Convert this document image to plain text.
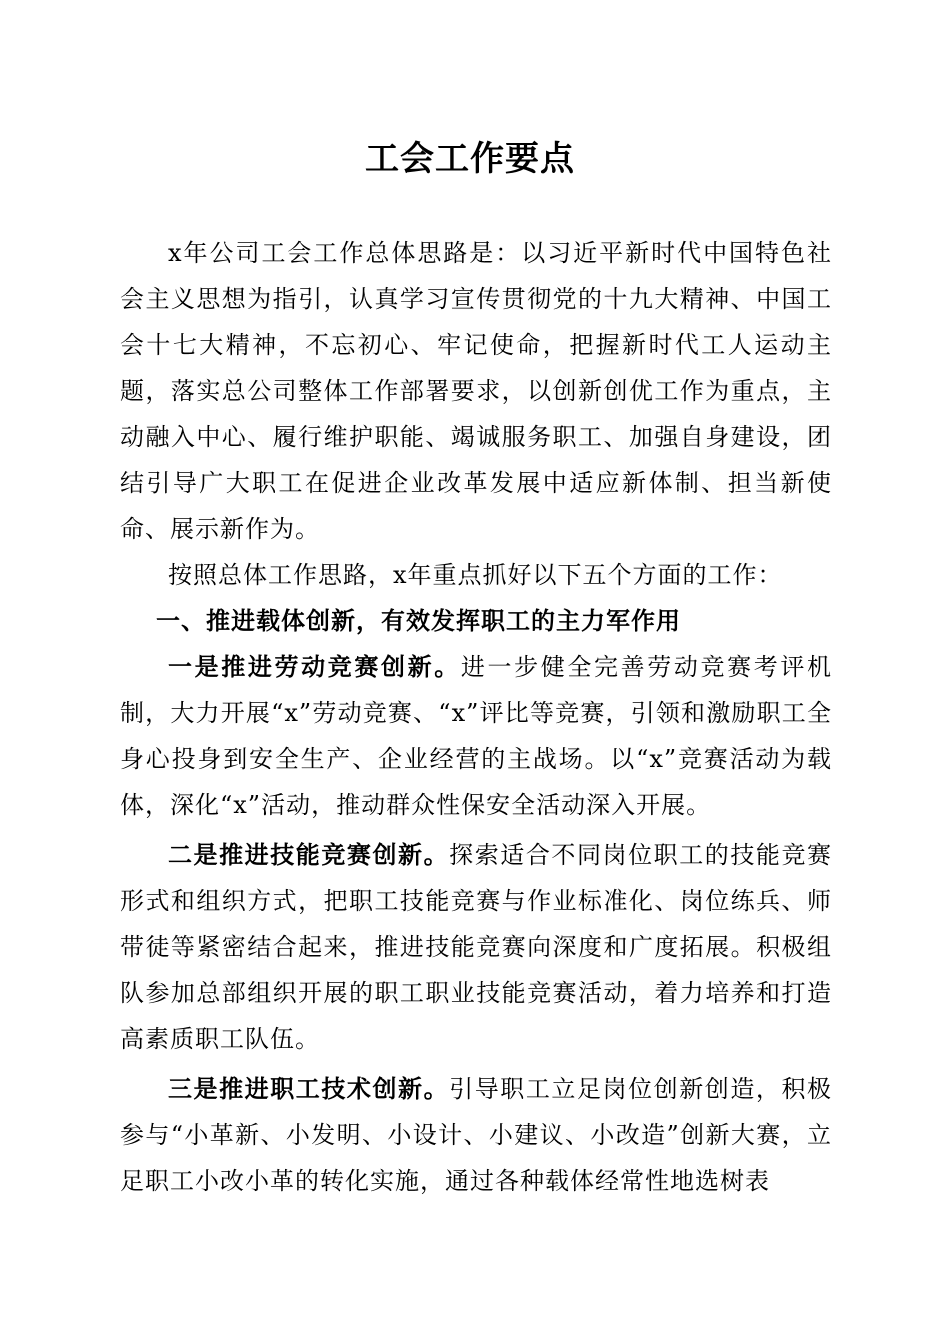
工会工作要点

x年公司工会工作总体思路是：以习近平新时代中国特色社会主义思想为指引，认真学习宣传贯彻党的十九大精神、中国工会十七大精神，不忘初心、牢记使命，把握新时代工人运动主题，落实总公司整体工作部署要求，以创新创优工作为重点，主动融入中心、履行维护职能、竭诚服务职工、加强自身建设，团结引导广大职工在促进企业改革发展中适应新体制、担当新使命、展示新作为。

按照总体工作思路，x年重点抓好以下五个方面的工作：

一、推进载体创新，有效发挥职工的主力军作用

一是推进劳动竞赛创新。进一步健全完善劳动竞赛考评机制，大力开展“x”劳动竞赛、“x”评比等竞赛，引领和激励职工全身心投身到安全生产、企业经营的主战场。以“x”竞赛活动为载体，深化“x”活动，推动群众性保安全活动深入开展。

二是推进技能竞赛创新。探索适合不同岗位职工的技能竞赛形式和组织方式，把职工技能竞赛与作业标准化、岗位练兵、师带徒等紧密结合起来，推进技能竞赛向深度和广度拓展。积极组队参加总部组织开展的职工职业技能竞赛活动，着力培养和打造高素质职工队伍。

三是推进职工技术创新。引导职工立足岗位创新创造，积极参与“小革新、小发明、小设计、小建议、小改造”创新大赛，立足职工小改小革的转化实施，通过各种载体经常性地选树表
